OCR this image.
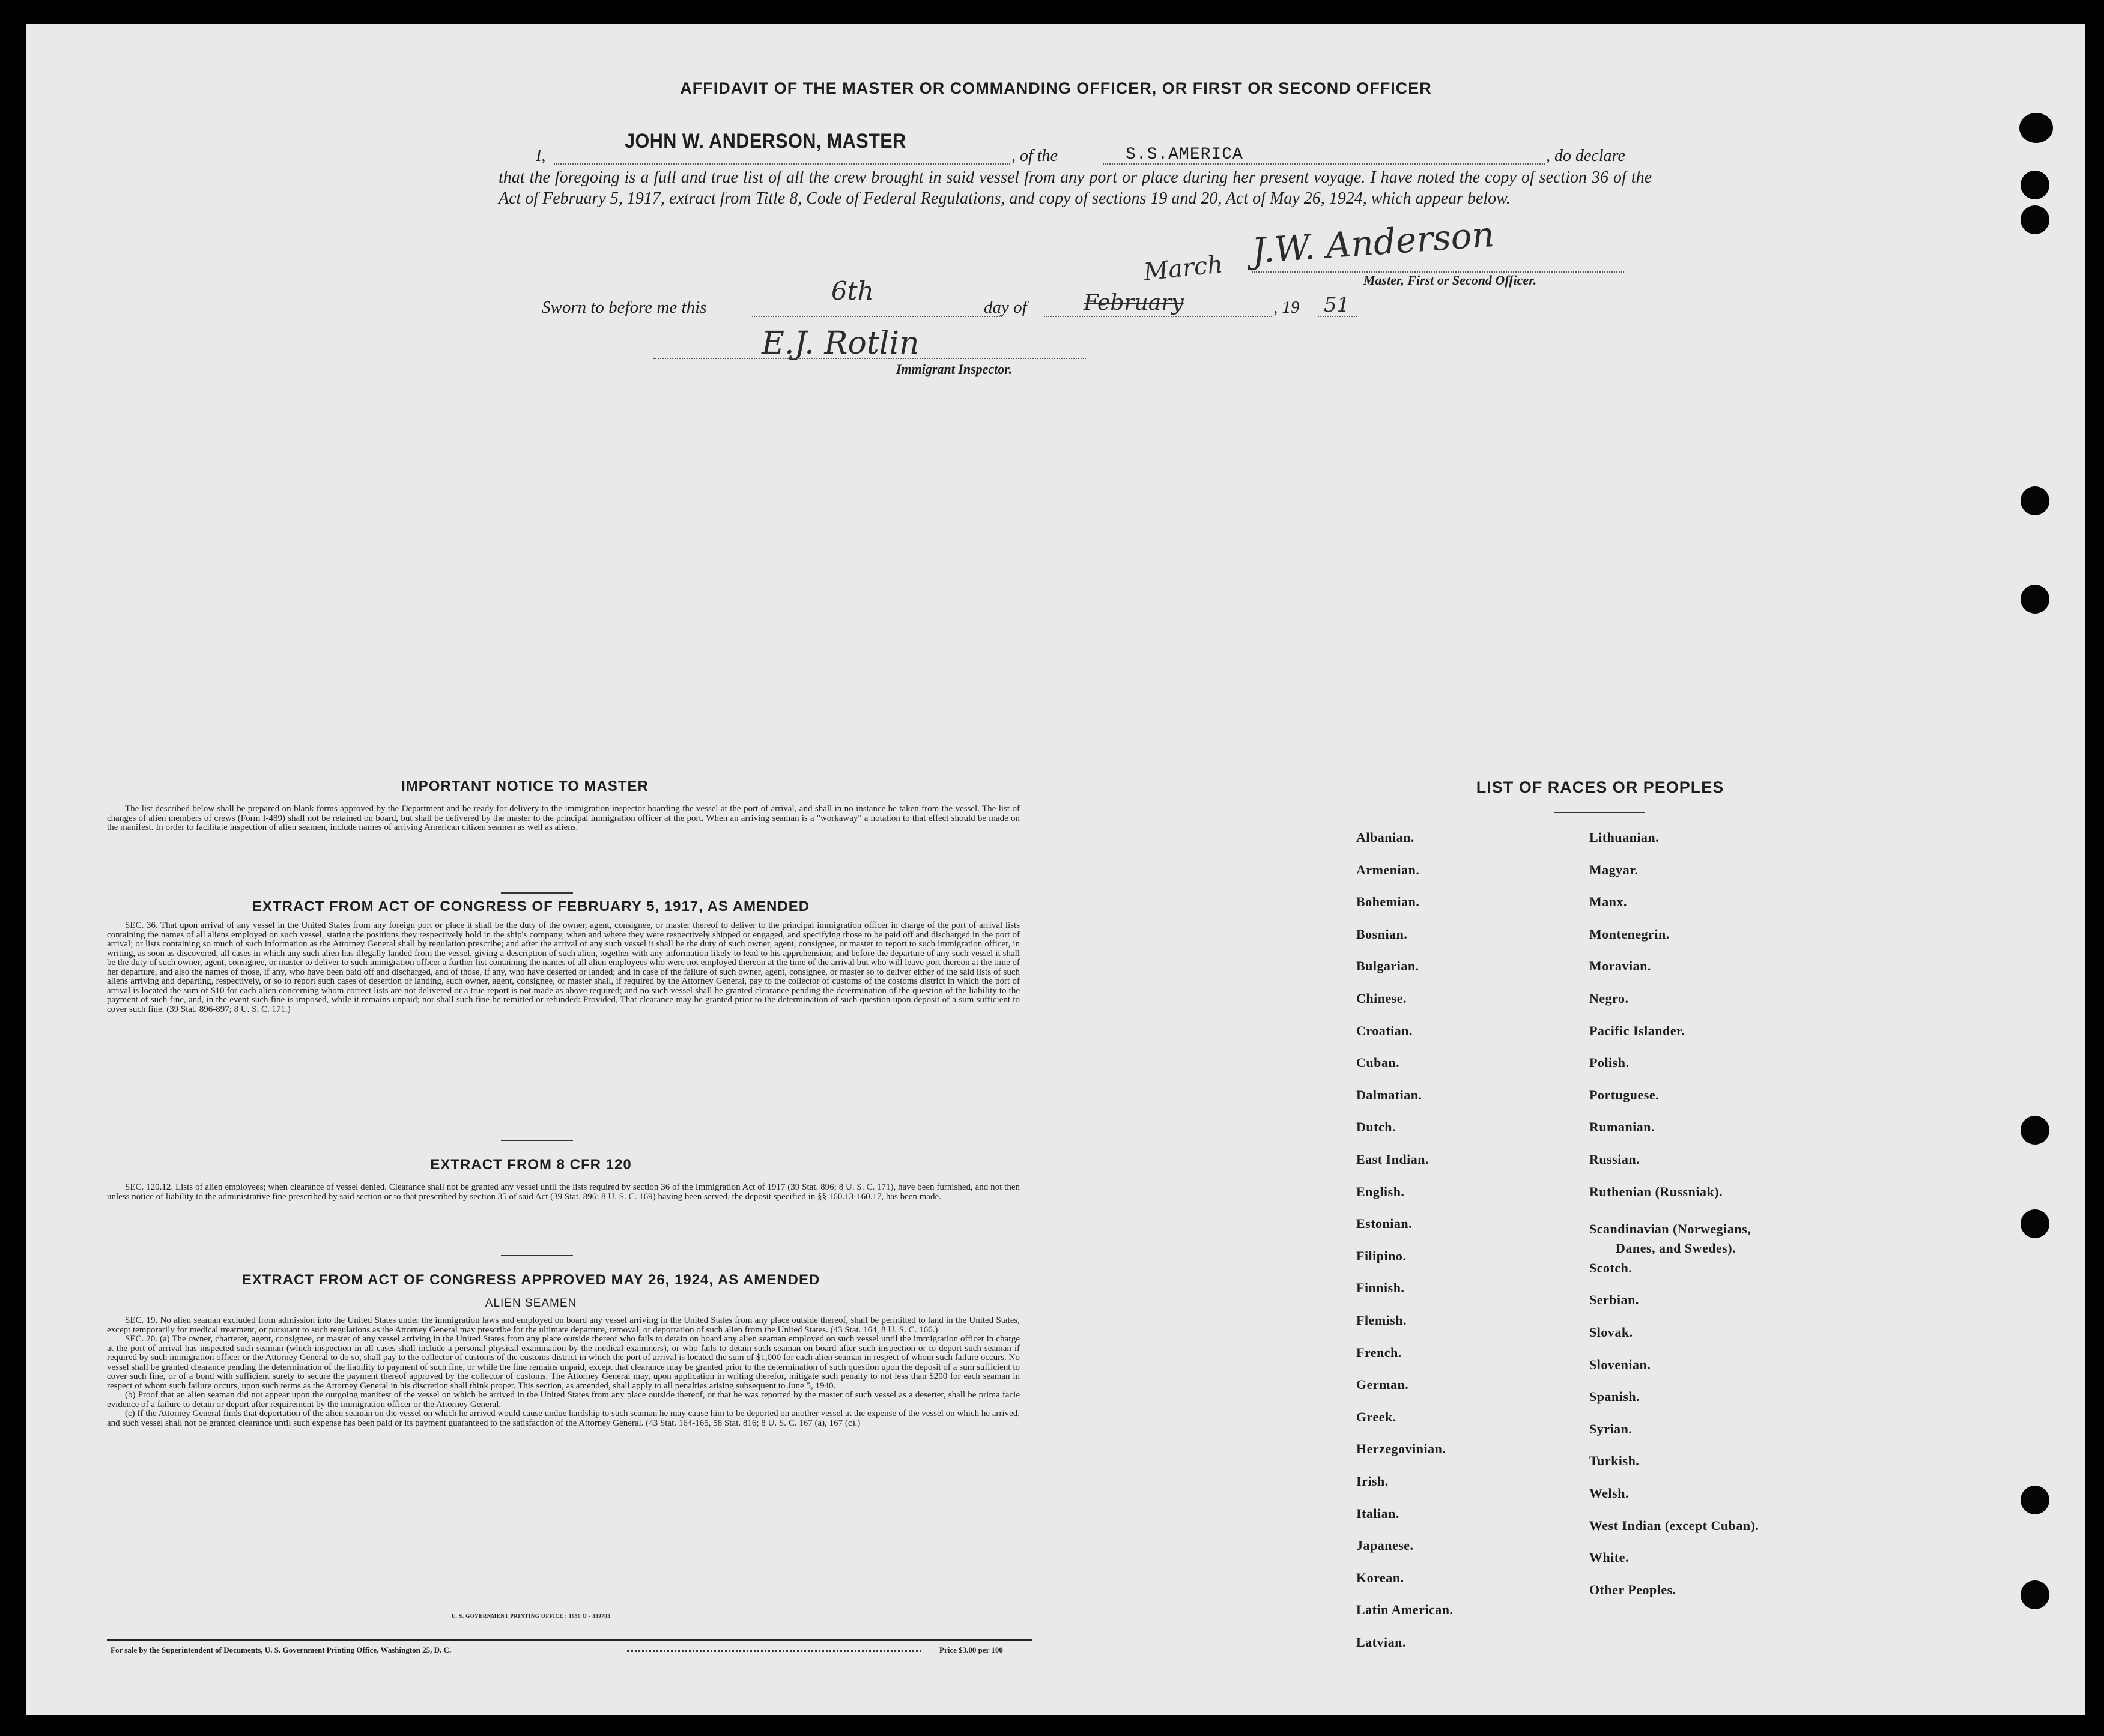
AFFIDAVIT OF THE MASTER OR COMMANDING OFFICER, OR FIRST OR SECOND OFFICER
I,
JOHN W. ANDERSON, MASTER
, of the	S.S.AMERICA	, do declare
that the foregoing is a full and true list of all the crew brought in said vessel from any port or place during her present voyage. I have noted the copy of section 36 of the Act of February 5, 1917, extract from Title 8, Code of Federal Regulations, and copy of sections 19 and 20, Act of May 26, 1924, which appear below.
J.W. Anderson
Master, First or Second Officer.
Sworn to before me this
6th
day of	February
March
, 19 51
E.J. Rotlin
Immigrant Inspector.
IMPORTANT NOTICE TO MASTER

The list described below shall be prepared on blank forms approved by the Department and be ready for delivery to the immigration inspector boarding the vessel at the port of arrival, and shall in no instance be taken from the vessel. The list of changes of alien members of crews (Form I-489) shall not be retained on board, but shall be delivered by the master to the principal immigration officer at the port. When an arriving seaman is a "workaway" a notation to that effect should be made on the manifest. In order to facilitate inspection of alien seamen, include names of arriving American citizen seamen as well as aliens.

EXTRACT FROM ACT OF CONGRESS OF FEBRUARY 5, 1917, AS AMENDED

SEC. 36. That upon arrival of any vessel in the United States from any foreign port or place it shall be the duty of the owner, agent, consignee, or master thereof to deliver to the principal immigration officer in charge of the port of arrival lists containing the names of all aliens employed on such vessel, stating the positions they respectively hold in the ship's company, when and where they were respectively shipped or engaged, and specifying those to be paid off and discharged in the port of arrival; or lists containing so much of such information as the Attorney General shall by regulation prescribe; and after the arrival of any such vessel it shall be the duty of such owner, agent, consignee, or master to report to such immigration officer, in writing, as soon as discovered, all cases in which any such alien has illegally landed from the vessel, giving a description of such alien, together with any information likely to lead to his apprehension; and before the departure of any such vessel it shall be the duty of such owner, agent, consignee, or master to deliver to such immigration officer a further list containing the names of all alien employees who were not employed thereon at the time of the arrival but who will leave port thereon at the time of her departure, and also the names of those, if any, who have been paid off and discharged, and of those, if any, who have deserted or landed; and in case of the failure of such owner, agent, consignee, or master so to deliver either of the said lists of such aliens arriving and departing, respectively, or so to report such cases of desertion or landing, such owner, agent, consignee, or master shall, if required by the Attorney General, pay to the collector of customs of the costoms district in which the port of arrival is located the sum of $10 for each alien concerning whom correct lists are not delivered or a true report is not made as above required; and no such vessel shall be granted clearance pending the determination of the question of the liability to the payment of such fine, and, in the event such fine is imposed, while it remains unpaid; nor shall such fine be remitted or refunded: Provided, That clearance may be granted prior to the determination of such question upon deposit of a sum sufficient to cover such fine. (39 Stat. 896-897; 8 U. S. C. 171.)

EXTRACT FROM 8 CFR 120

SEC. 120.12. Lists of alien employees; when clearance of vessel denied. Clearance shall not be granted any vessel until the lists required by section 36 of the Immigration Act of 1917 (39 Stat. 896; 8 U. S. C. 171), have been furnished, and not then unless notice of liability to the administrative fine prescribed by said section or to that prescribed by section 35 of said Act (39 Stat. 896; 8 U. S. C. 169) having been served, the deposit specified in §§ 160.13-160.17, has been made.

EXTRACT FROM ACT OF CONGRESS APPROVED MAY 26, 1924, AS AMENDED
ALIEN SEAMEN

SEC. 19. No alien seaman excluded from admission into the United States under the immigration laws and employed on board any vessel arriving in the United States from any place outside thereof, shall be permitted to land in the United States, except temporarily for medical treatment, or pursuant to such regulations as the Attorney General may prescribe for the ultimate departure, removal, or deportation of such alien from the United States. (43 Stat. 164, 8 U. S. C. 166.)

SEC. 20. (a) The owner, charterer, agent, consignee, or master of any vessel arriving in the United States from any place outside thereof who fails to detain on board any alien seaman employed on such vessel until the immigration officer in charge at the port of arrival has inspected such seaman (which inspection in all cases shall include a personal physical examination by the medical examiners), or who fails to detain such seaman on board after such inspection or to deport such seaman if required by such immigration officer or the Attorney General to do so, shall pay to the collector of customs of the customs district in which the port of arrival is located the sum of $1,000 for each alien seaman in respect of whom such failure occurs. No vessel shall be granted clearance pending the determination of the liability to payment of such fine, or while the fine remains unpaid, except that clearance may be granted prior to the determination of such question upon the deposit of a sum sufficient to cover such fine, or of a bond with sufficient surety to secure the payment thereof approved by the collector of customs. The Attorney General may, upon application in writing therefor, mitigate such penalty to not less than $200 for each seaman in respect of whom such failure occurs, upon such terms as the Attorney General in his discretion shall think proper. This section, as amended, shall apply to all penalties arising subsequent to June 5, 1940.

(b) Proof that an alien seaman did not appear upon the outgoing manifest of the vessel on which he arrived in the United States from any place outside thereof, or that he was reported by the master of such vessel as a deserter, shall be prima facie evidence of a failure to detain or deport after requirement by the immigration officer or the Attorney General.

(c) If the Attorney General finds that deportation of the alien seaman on the vessel on which he arrived would cause undue hardship to such seaman he may cause him to be deported on another vessel at the expense of the vessel on which he arrived, and such vessel shall not be granted clearance until such expense has been paid or its payment guaranteed to the satisfaction of the Attorney General. (43 Stat. 164-165, 58 Stat. 816; 8 U. S. C. 167 (a), 167 (c).)

U. S. GOVERNMENT PRINTING OFFICE : 1950 O - 889708
For sale by the Superintendent of Documents, U. S. Government Printing Office, Washington 25, D. C.	Price $3.00 per 100
LIST OF RACES OR PEOPLES
Albanian.
Armenian.
Bohemian.
Bosnian.
Bulgarian.
Chinese.
Croatian.
Cuban.
Dalmatian.
Dutch.
East Indian.
English.
Estonian.
Filipino.
Finnish.
Flemish.
French.
German.
Greek.
Herzegovinian.
Irish.
Italian.
Japanese.
Korean.
Latin American.
Latvian.
Lithuanian.
Magyar.
Manx.
Montenegrin.
Moravian.
Negro.
Pacific Islander.
Polish.
Portuguese.
Rumanian.
Russian.
Ruthenian (Russniak).
Scandinavian (Norwegians,
Danes, and Swedes).
Scotch.
Serbian.
Slovak.
Slovenian.
Spanish.
Syrian.
Turkish.
Welsh.
West Indian (except Cuban).
White.
Other Peoples.
